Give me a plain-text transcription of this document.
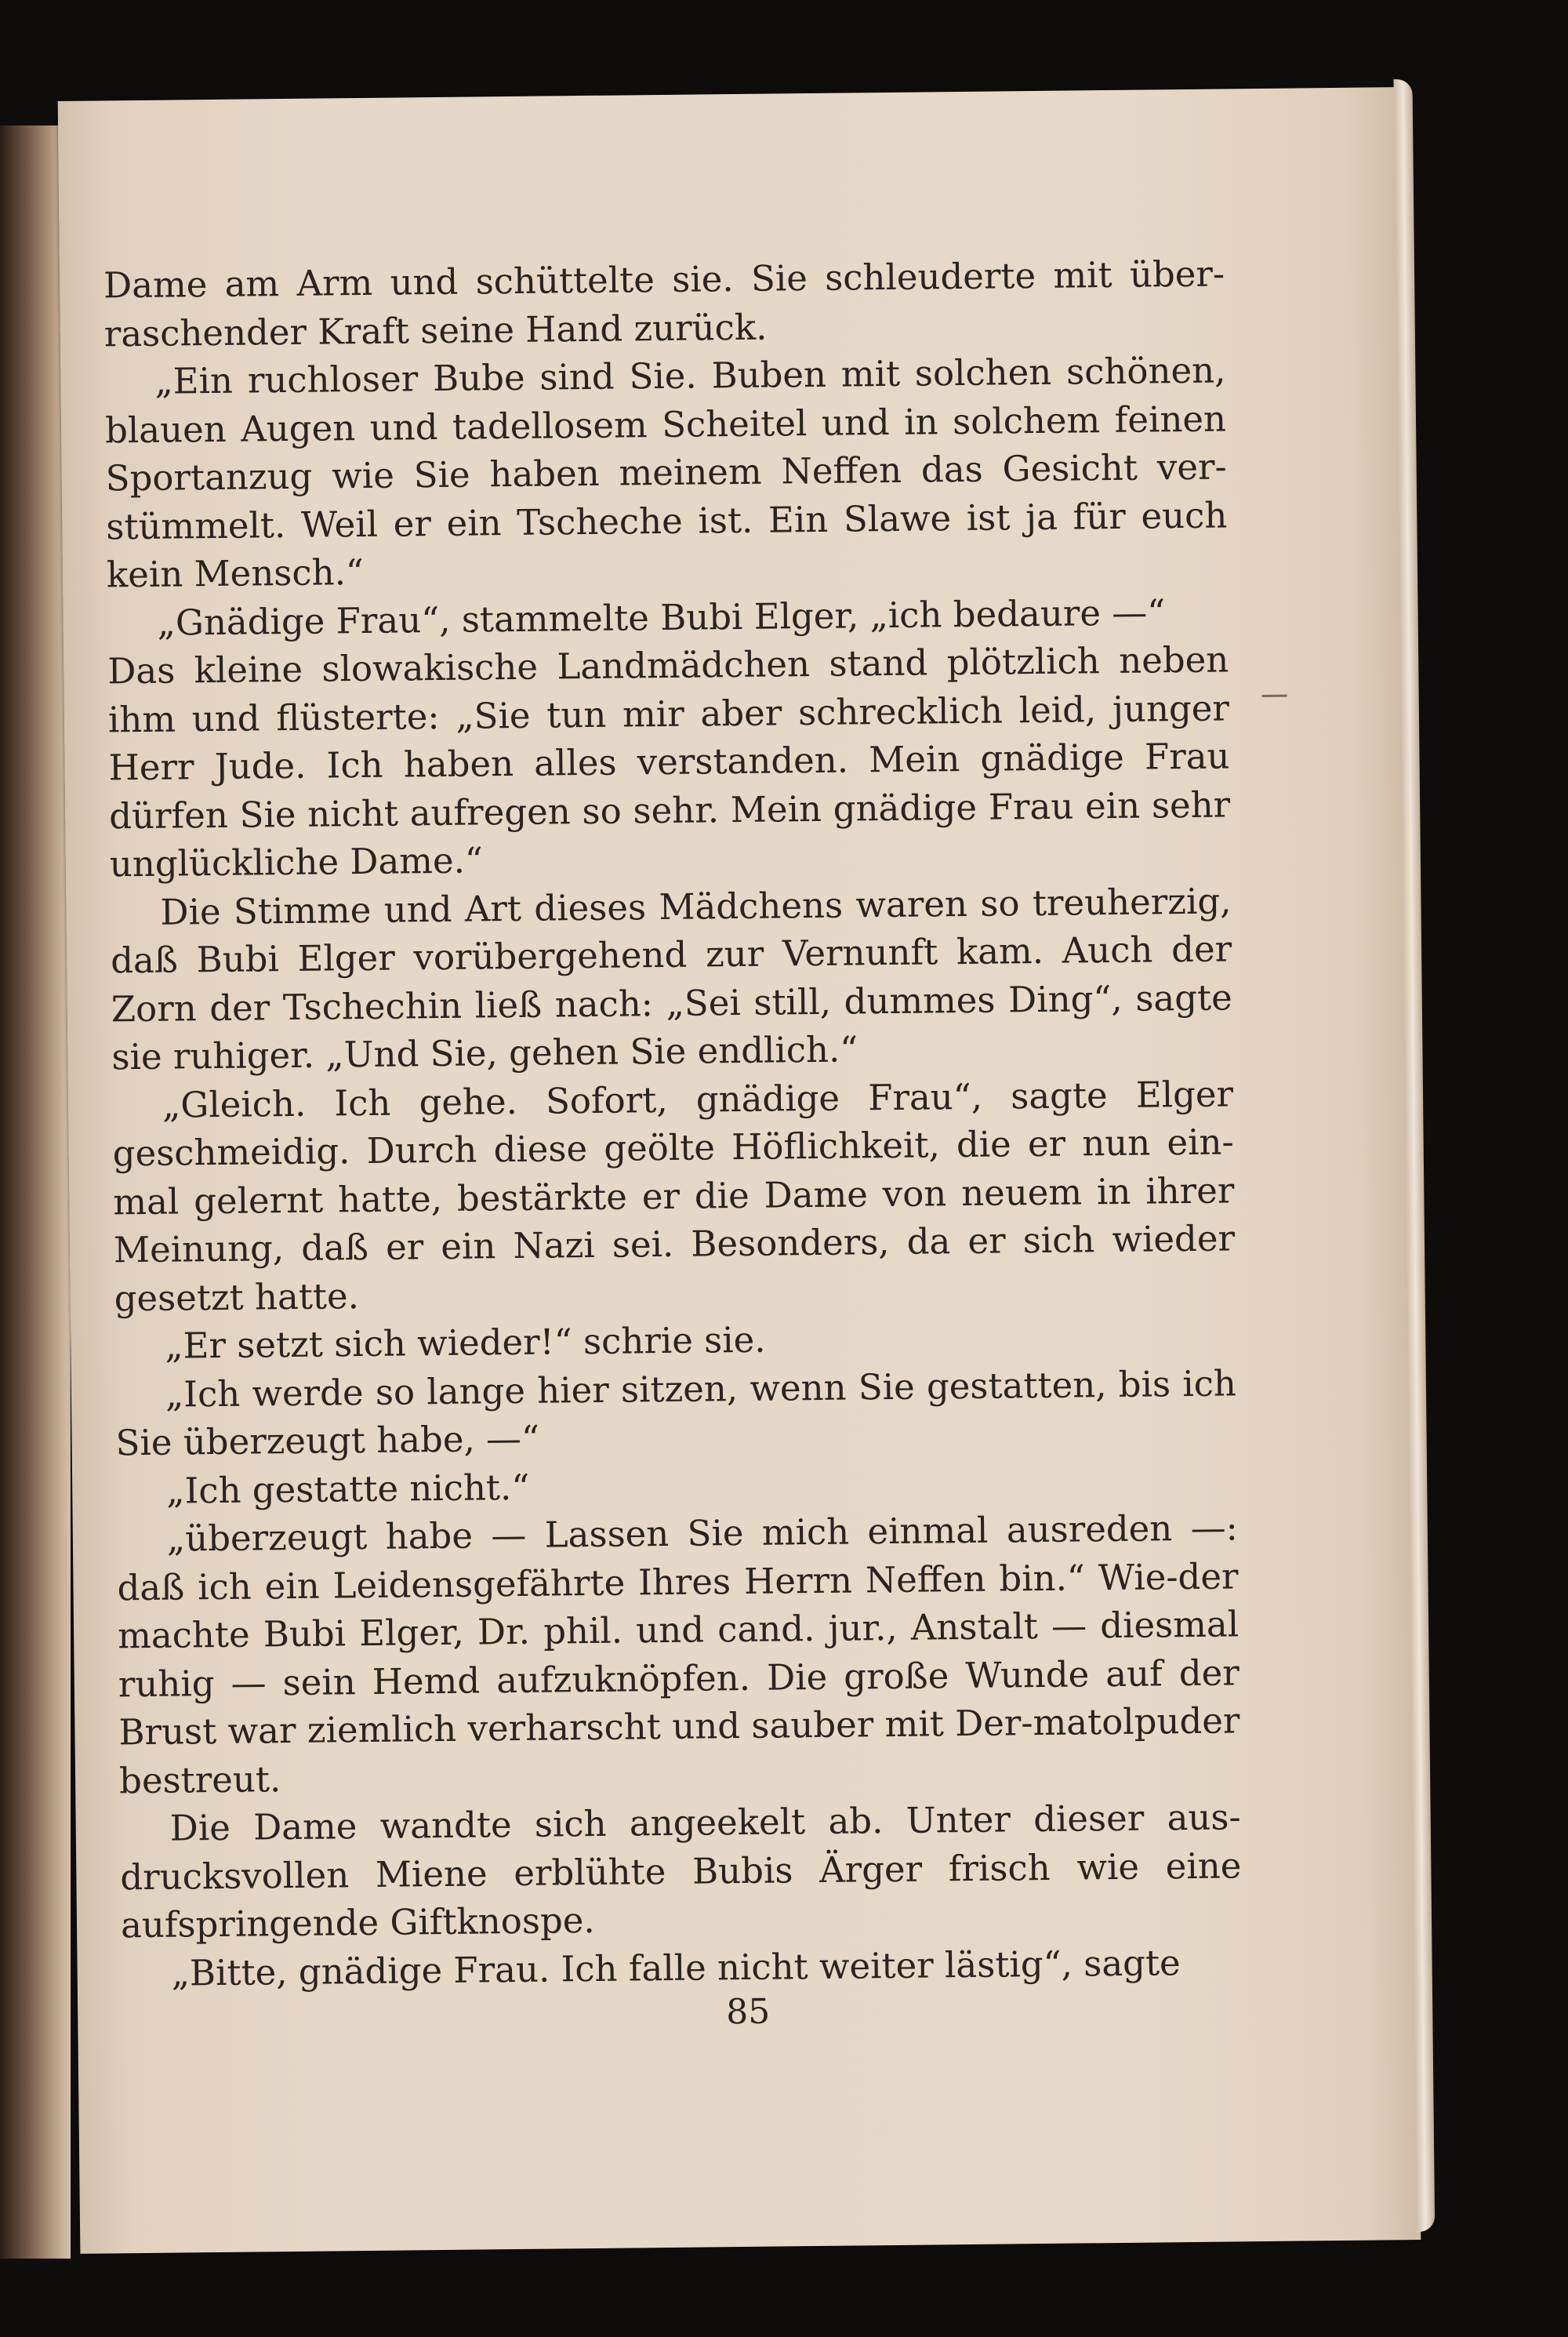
Dame am Arm und schüttelte sie. Sie schleuderte mit über-raschender Kraft seine Hand zurück.

„Ein ruchloser Bube sind Sie. Buben mit solchen schönen, blauen Augen und tadellosem Scheitel und in solchem feinen Sportanzug wie Sie haben meinem Neffen das Gesicht ver-stümmelt. Weil er ein Tscheche ist. Ein Slawe ist ja für euch kein Mensch.“

„Gnädige Frau“, stammelte Bubi Elger, „ich bedaure —“

Das kleine slowakische Landmädchen stand plötzlich neben ihm und flüsterte: „Sie tun mir aber schrecklich leid, junger Herr Jude. Ich haben alles verstanden. Mein gnädige Frau dürfen Sie nicht aufregen so sehr. Mein gnädige Frau ein sehr unglückliche Dame.“

Die Stimme und Art dieses Mädchens waren so treuherzig, daß Bubi Elger vorübergehend zur Vernunft kam. Auch der Zorn der Tschechin ließ nach: „Sei still, dummes Ding“, sagte sie ruhiger. „Und Sie, gehen Sie endlich.“

„Gleich. Ich gehe. Sofort, gnädige Frau“, sagte Elger geschmeidig. Durch diese geölte Höflichkeit, die er nun ein-mal gelernt hatte, bestärkte er die Dame von neuem in ihrer Meinung, daß er ein Nazi sei. Besonders, da er sich wieder gesetzt hatte.

„Er setzt sich wieder!“ schrie sie.

„Ich werde so lange hier sitzen, wenn Sie gestatten, bis ich Sie überzeugt habe, —“

„Ich gestatte nicht.“

„überzeugt habe — Lassen Sie mich einmal ausreden —: daß ich ein Leidensgefährte Ihres Herrn Neffen bin.“ Wie-der machte Bubi Elger, Dr. phil. und cand. jur., Anstalt — diesmal ruhig — sein Hemd aufzuknöpfen. Die große Wunde auf der Brust war ziemlich verharscht und sauber mit Der-matolpuder bestreut.

Die Dame wandte sich angeekelt ab. Unter dieser aus-drucksvollen Miene erblühte Bubis Ärger frisch wie eine aufspringende Giftknospe.

„Bitte, gnädige Frau. Ich falle nicht weiter lästig“, sagte

85
